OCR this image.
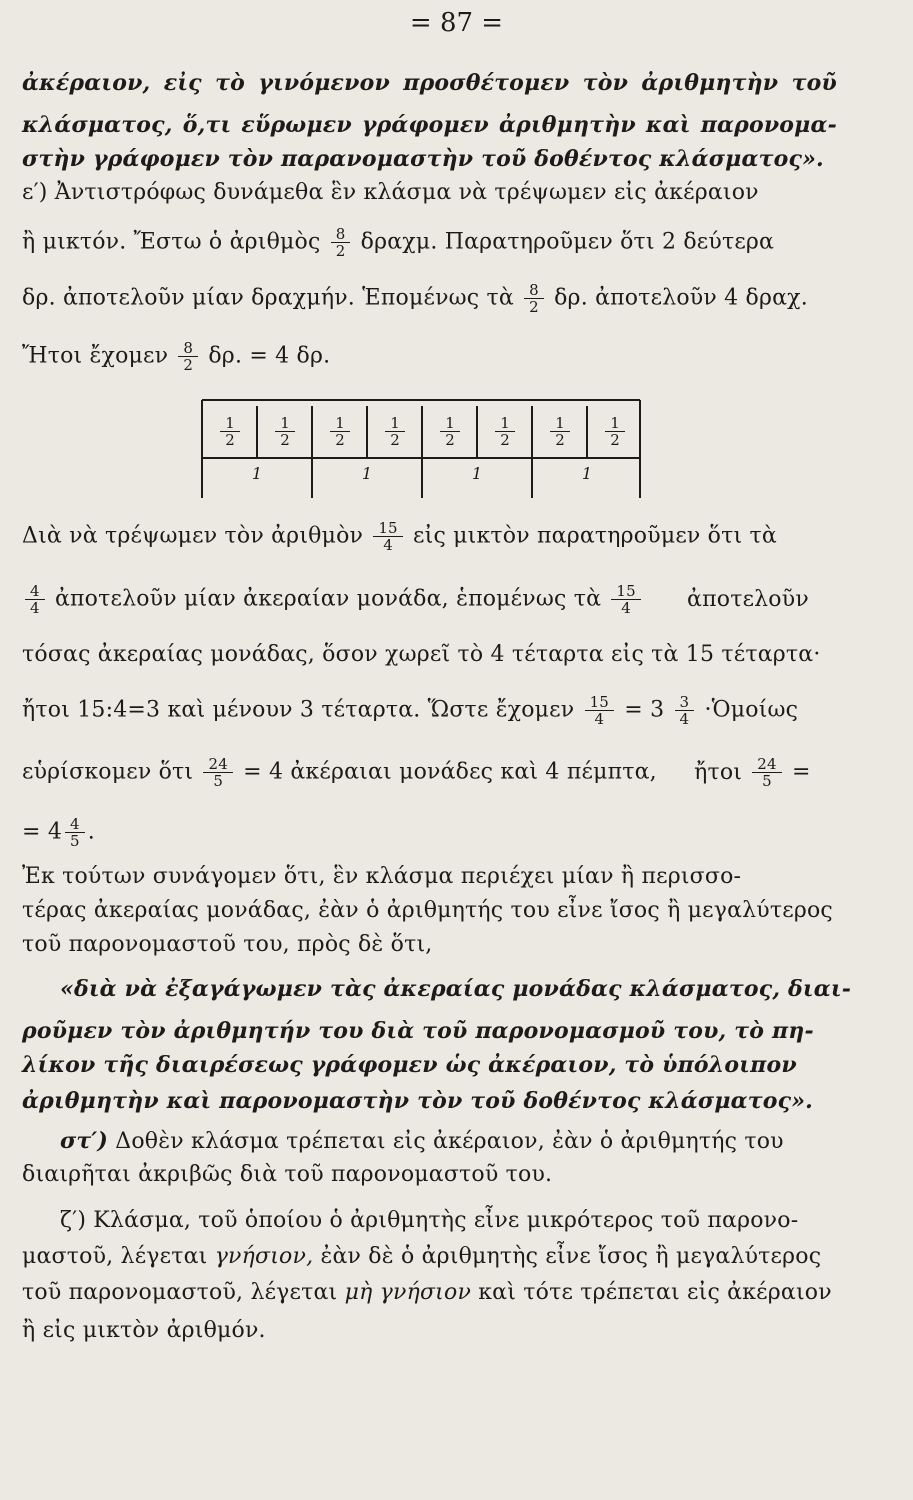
= 87 =
ἀκέραιον, εἰς τὸ γινόμενον προσθέτομεν τὸν ἀριθμητὴν τοῦ
κλάσματος, ὅ,τι εὕρωμεν γράφομεν ἀριθμητὴν καὶ παρονομα-
στὴν γράφομεν τὸν παρανομαστὴν τοῦ δοθέντος κλάσματος».
ε′) Ἀντιστρόφως δυνάμεθα ἓν κλάσμα νὰ τρέψωμεν εἰς ἀκέραιον
ἢ μικτόν. Ἔστω ὁ ἀριθμὸς $\frac{8}{2} \delta\rho\alpha\chi\mu$. Παρατηροῦμεν ὅτι 2 δεύτερα
δρ. ἀποτελοῦν μίαν δραχμήν. Ἑπομένως τὰ $\frac{8}{2} \delta\rho$. ἀποτελοῦν 4 δραχ.
Ἤτοι ἔχομεν $\frac{8}{2} \delta\rho$. = 4 δρ.
$\frac{1}{2} \frac{1}{2} \frac{1}{2} \frac{1}{2} \frac{1}{2} \frac{1}{2} \frac{1}{2} \frac{1}{2}$
1	1	1	1
Διὰ νὰ τρέψωμεν τὸν ἀριθμὸν $\frac{15}{4}$ εἰς μικτὸν παρατηροῦμεν ὅτι τὰ
$\frac{4}{4}$ ἀποτελοῦν μίαν ἀκεραίαν μονάδα, ἑπομένως τὰ $\frac{15}{4}$ ἀποτελοῦν
τόσας ἀκεραίας μονάδας, ὅσον χωρεῖ τὸ 4 τέταρτα εἰς τὰ 15 τέταρτα·
ἤτοι 15:4=3 καὶ μένουν 3 τέταρτα. Ὥστε ἔχομεν $\frac{15}{4} = 3 \frac{3}{4}$ ·Ὁμοίως
εὑρίσκομεν ὅτι $\frac{24}{5} = 4$ ἀκέραιαι μονάδες καὶ 4 πέμπτα, ἤτοι $\frac{24}{5}$ =
= $4 \frac{4}{5}$ .
Ἐκ τούτων συνάγομεν ὅτι, ἓν κλάσμα περιέχει μίαν ἢ περισσο-
τέρας ἀκεραίας μονάδας, ἐὰν ὁ ἀριθμητής του εἶνε ἴσος ἢ μεγαλύτερος
τοῦ παρονομαστοῦ του, πρὸς δὲ ὅτι,
«διὰ νὰ ἐξαγάγωμεν τὰς ἀκεραίας μονάδας κλάσματος, διαι-
ροῦμεν τὸν ἀριθμητήν του διὰ τοῦ παρονομασμοῦ του, τὸ πη-
λίκον τῆς διαιρέσεως γράφομεν ὡς ἀκέραιον, τὸ ὑπόλοιπον
ἀριθμητὴν καὶ παρονομαστὴν τὸν τοῦ δοθέντος κλάσματος».
στ′) Δοθὲν κλάσμα τρέπεται εἰς ἀκέραιον, ἐὰν ὁ ἀριθμητής του
διαιρῆται ἀκριβῶς διὰ τοῦ παρονομαστοῦ του.
ζ′) Κλάσμα, τοῦ ὁποίου ὁ ἀριθμητὴς εἶνε μικρότερος τοῦ παρονο-
μαστοῦ, λέγεται γνήσιον, ἐὰν δὲ ὁ ἀριθμητὴς εἶνε ἴσος ἢ μεγαλύτερος
τοῦ παρονομαστοῦ, λέγεται μὴ γνήσιον καὶ τότε τρέπεται εἰς ἀκέραιον
ἢ εἰς μικτὸν ἀριθμόν.
